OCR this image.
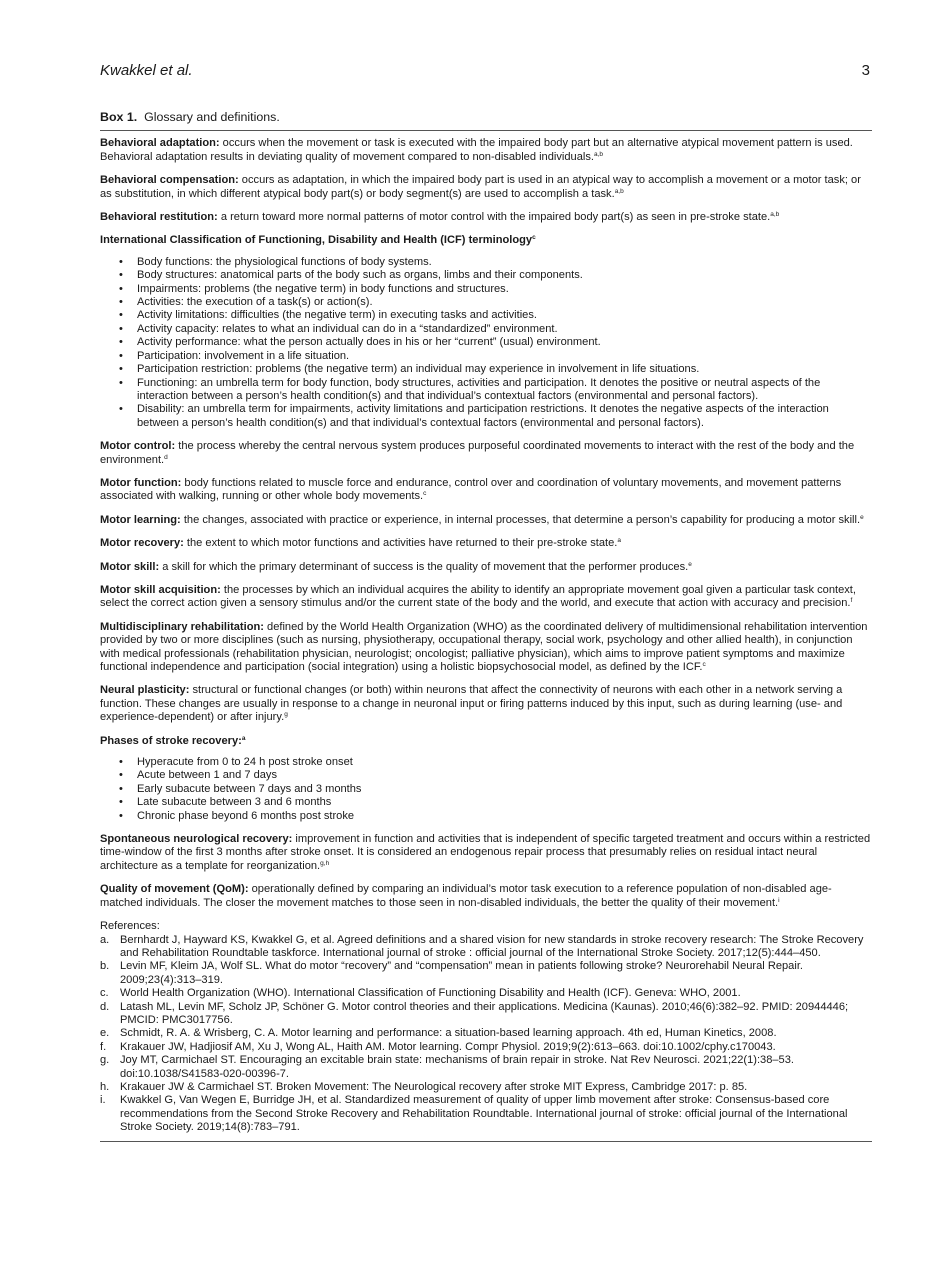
Kwakkel et al.	3
Box 1. Glossary and definitions.
Behavioral adaptation: occurs when the movement or task is executed with the impaired body part but an alternative atypical movement pattern is used. Behavioral adaptation results in deviating quality of movement compared to non-disabled individuals.$^{a,b}$
Behavioral compensation: occurs as adaptation, in which the impaired body part is used in an atypical way to accomplish a movement or a motor task; or as substitution, in which different atypical body part(s) or body segment(s) are used to accomplish a task.$^{a,b}$
Behavioral restitution: a return toward more normal patterns of motor control with the impaired body part(s) as seen in pre-stroke state.$^{a,b}$
International Classification of Functioning, Disability and Health (ICF) terminology$^c$
• Body functions: the physiological functions of body systems.
• Body structures: anatomical parts of the body such as organs, limbs and their components.
• Impairments: problems (the negative term) in body functions and structures.
• Activities: the execution of a task(s) or action(s).
• Activity limitations: difficulties (the negative term) in executing tasks and activities.
• Activity capacity: relates to what an individual can do in a “standardized” environment.
• Activity performance: what the person actually does in his or her “current” (usual) environment.
• Participation: involvement in a life situation.
• Participation restriction: problems (the negative term) an individual may experience in involvement in life situations.
• Functioning: an umbrella term for body function, body structures, activities and participation. It denotes the positive or neutral aspects of the interaction between a person’s health condition(s) and that individual’s contextual factors (environmental and personal factors).
• Disability: an umbrella term for impairments, activity limitations and participation restrictions. It denotes the negative aspects of the interaction between a person’s health condition(s) and that individual’s contextual factors (environmental and personal factors).
Motor control: the process whereby the central nervous system produces purposeful coordinated movements to interact with the rest of the body and the environment.$^d$
Motor function: body functions related to muscle force and endurance, control over and coordination of voluntary movements, and movement patterns associated with walking, running or other whole body movements.$^c$
Motor learning: the changes, associated with practice or experience, in internal processes, that determine a person’s capability for producing a motor skill.$^e$
Motor recovery: the extent to which motor functions and activities have returned to their pre-stroke state.$^a$
Motor skill: a skill for which the primary determinant of success is the quality of movement that the performer produces.$^e$
Motor skill acquisition: the processes by which an individual acquires the ability to identify an appropriate movement goal given a particular task context, select the correct action given a sensory stimulus and/or the current state of the body and the world, and execute that action with accuracy and precision.$^f$
Multidisciplinary rehabilitation: defined by the World Health Organization (WHO) as the coordinated delivery of multidimensional rehabilitation intervention provided by two or more disciplines (such as nursing, physiotherapy, occupational therapy, social work, psychology and other allied health), in conjunction with medical professionals (rehabilitation physician, neurologist; oncologist; palliative physician), which aims to improve patient symptoms and maximize functional independence and participation (social integration) using a holistic biopsychosocial model, as defined by the ICF.$^c$
Neural plasticity: structural or functional changes (or both) within neurons that affect the connectivity of neurons with each other in a network serving a function. These changes are usually in response to a change in neuronal input or firing patterns induced by this input, such as during learning (use- and experience-dependent) or after injury.$^g$
Phases of stroke recovery:$^a$
• Hyperacute from 0 to 24 h post stroke onset
• Acute between 1 and 7 days
• Early subacute between 7 days and 3 months
• Late subacute between 3 and 6 months
• Chronic phase beyond 6 months post stroke
Spontaneous neurological recovery: improvement in function and activities that is independent of specific targeted treatment and occurs within a restricted time-window of the first 3 months after stroke onset. It is considered an endogenous repair process that presumably relies on residual intact neural architecture as a template for reorganization.$^{g,h}$
Quality of movement (QoM): operationally defined by comparing an individual’s motor task execution to a reference population of non-disabled age-matched individuals. The closer the movement matches to those seen in non-disabled individuals, the better the quality of their movement.$^i$
References:
a. Bernhardt J, Hayward KS, Kwakkel G, et al. Agreed definitions and a shared vision for new standards in stroke recovery research: The Stroke Recovery and Rehabilitation Roundtable taskforce. International journal of stroke : official journal of the International Stroke Society. 2017;12(5):444–450.
b. Levin MF, Kleim JA, Wolf SL. What do motor “recovery” and “compensation” mean in patients following stroke? Neurorehabil Neural Repair. 2009;23(4):313–319.
c. World Health Organization (WHO). International Classification of Functioning Disability and Health (ICF). Geneva: WHO, 2001.
d. Latash ML, Levin MF, Scholz JP, Schöner G. Motor control theories and their applications. Medicina (Kaunas). 2010;46(6):382–92. PMID: 20944446; PMCID: PMC3017756.
e. Schmidt, R. A. & Wrisberg, C. A. Motor learning and performance: a situation-based learning approach. 4th ed, Human Kinetics, 2008.
f. Krakauer JW, Hadjiosif AM, Xu J, Wong AL, Haith AM. Motor learning. Compr Physiol. 2019;9(2):613–663. doi:10.1002/cphy.c170043.
g. Joy MT, Carmichael ST. Encouraging an excitable brain state: mechanisms of brain repair in stroke. Nat Rev Neurosci. 2021;22(1):38–53. doi:10.1038/S41583-020-00396-7.
h. Krakauer JW & Carmichael ST. Broken Movement: The Neurological recovery after stroke MIT Express, Cambridge 2017: p. 85.
i. Kwakkel G, Van Wegen E, Burridge JH, et al. Standardized measurement of quality of upper limb movement after stroke: Consensus-based core recommendations from the Second Stroke Recovery and Rehabilitation Roundtable. International journal of stroke: official journal of the International Stroke Society. 2019;14(8):783–791.
